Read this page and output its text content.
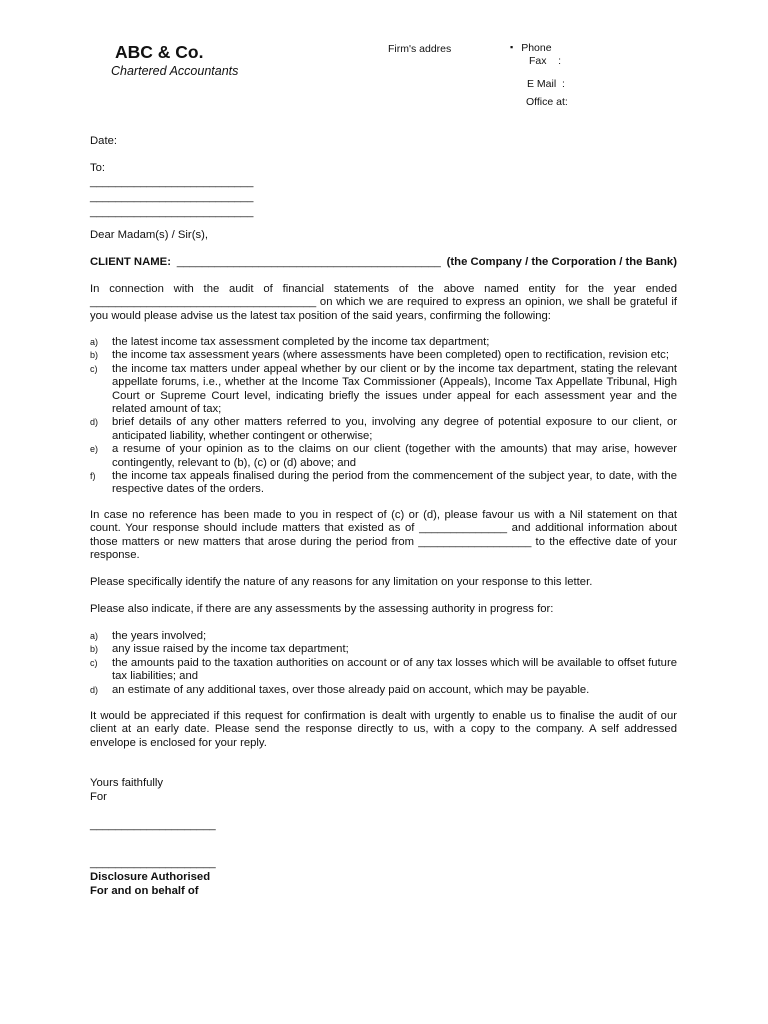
ABC & Co.
Chartered Accountants
Firm's addres
▪	Phone
Fax    :
E Mail  :
Office at:
Date:
To:
__________________________
__________________________
__________________________
Dear Madam(s) / Sir(s),
CLIENT NAME: __________________________________________ (the Company / the Corporation / the Bank)
In connection with the audit of financial statements of the above named entity for the year ended ____________________________________ on which we are required to express an opinion, we shall be grateful if you would please advise us the latest tax position of the said years, confirming the following:
a)	the latest income tax assessment completed by the income tax department;
b)	the income tax assessment years (where assessments have been completed) open to rectification, revision etc;
c)	the income tax matters under appeal whether by our client or by the income tax department, stating the relevant appellate forums, i.e., whether at the Income Tax Commissioner (Appeals), Income Tax Appellate Tribunal, High Court or Supreme Court level, indicating briefly the issues under appeal for each assessment year and the related amount of tax;
d)	brief details of any other matters referred to you, involving any degree of potential exposure to our client, or anticipated liability, whether contingent or otherwise;
e)	a resume of your opinion as to the claims on our client (together with the amounts) that may arise, however contingently, relevant to (b), (c) or (d) above; and
f)	the income tax appeals finalised during the period from the commencement of the subject year, to date, with the respective dates of the orders.
In case no reference has been made to you in respect of (c) or (d), please favour us with a Nil statement on that count. Your response should include matters that existed as of ______________ and additional information about those matters or new matters that arose during the period from __________________ to the effective date of your response.
Please specifically identify the nature of any reasons for any limitation on your response to this letter.
Please also indicate, if there are any assessments by the assessing authority in progress for:
a)	the years involved;
b)	any issue raised by the income tax department;
c)	the amounts paid to the taxation authorities on account or of any tax losses which will be available to offset future tax liabilities; and
d)	an estimate of any additional taxes, over those already paid on account, which may be payable.
It would be appreciated if this request for confirmation is dealt with urgently to enable us to finalise the audit of our client at an early date. Please send the response directly to us, with a copy to the company. A self addressed envelope is enclosed for your reply.
Yours faithfully
For
____________________
____________________
Disclosure Authorised
For and on behalf of
